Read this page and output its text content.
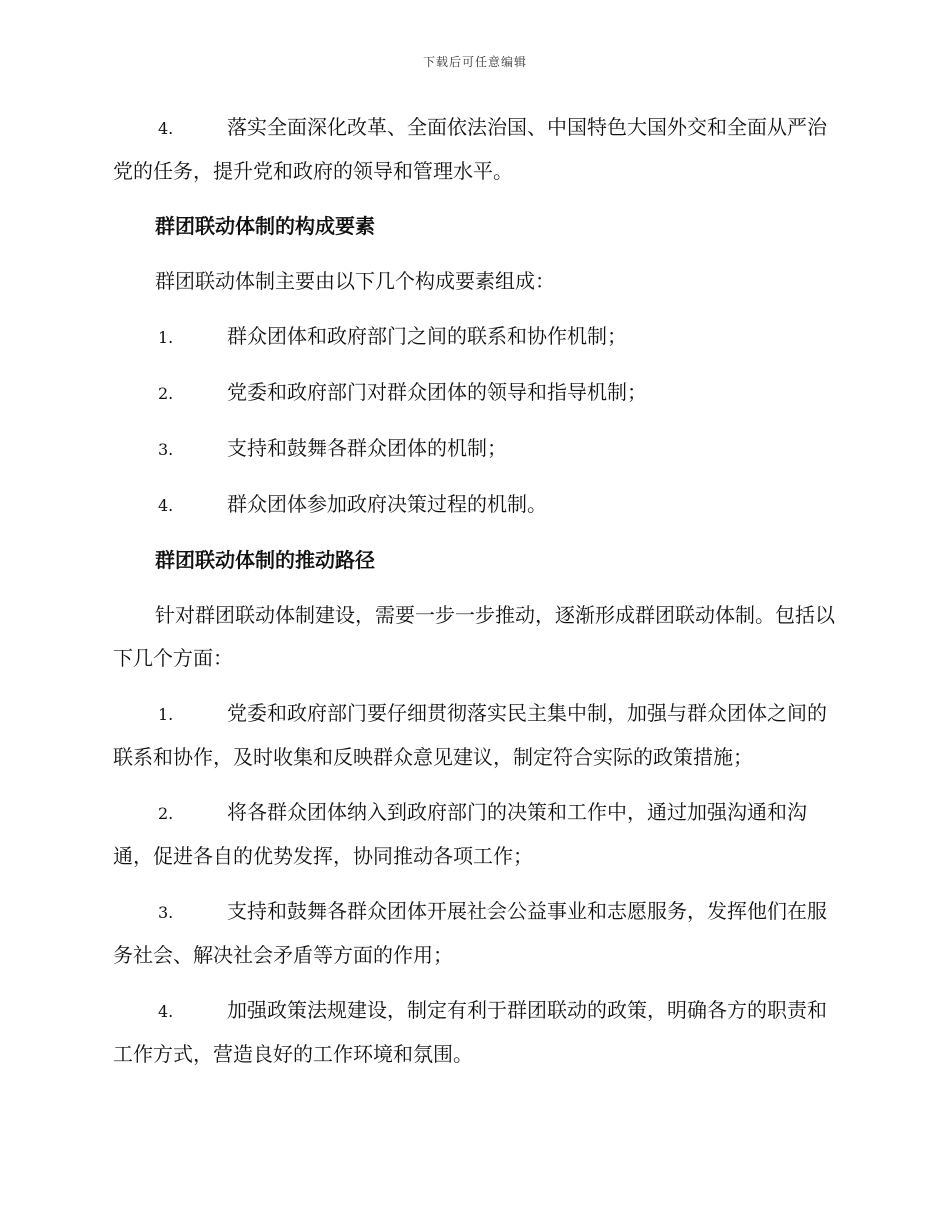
下载后可任意编辑

4.	落实全面深化改革、全面依法治国、中国特色大国外交和全面从严治党的任务，提升党和政府的领导和管理水平。

群团联动体制的构成要素

群团联动体制主要由以下几个构成要素组成：

1.	群众团体和政府部门之间的联系和协作机制；

2.	党委和政府部门对群众团体的领导和指导机制；

3.	支持和鼓舞各群众团体的机制；

4.	群众团体参加政府决策过程的机制。

群团联动体制的推动路径

针对群团联动体制建设，需要一步一步推动，逐渐形成群团联动体制。包括以下几个方面：

1.	党委和政府部门要仔细贯彻落实民主集中制，加强与群众团体之间的联系和协作，及时收集和反映群众意见建议，制定符合实际的政策措施；

2.	将各群众团体纳入到政府部门的决策和工作中，通过加强沟通和沟通，促进各自的优势发挥，协同推动各项工作；

3.	支持和鼓舞各群众团体开展社会公益事业和志愿服务，发挥他们在服务社会、解决社会矛盾等方面的作用；

4.	加强政策法规建设，制定有利于群团联动的政策，明确各方的职责和工作方式，营造良好的工作环境和氛围。
